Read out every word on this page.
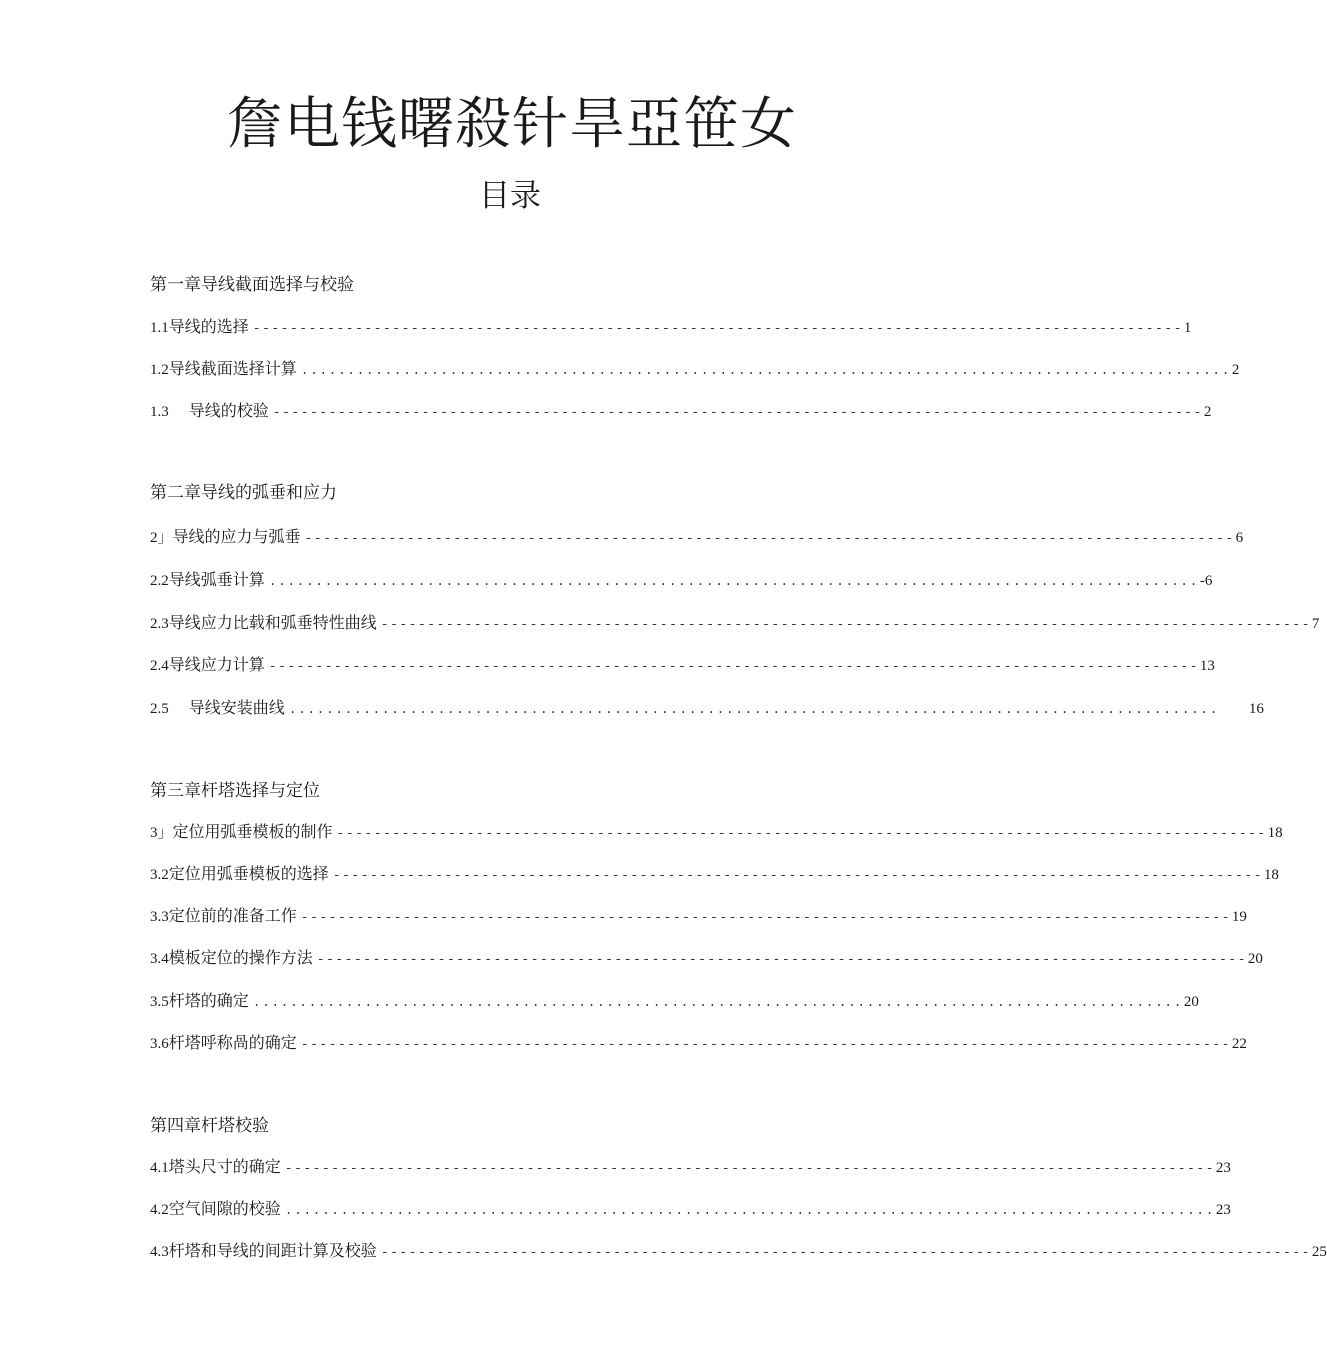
詹电钱曙殺针旱亞笹女
目录
第一章导线截面选择与校验
1.1 导线的选择 ---------------------------------------------------------------------------------------------------- 1
1.2 导线截面选择计算 .................................................................................................... 2
1.3 导线的校验 ---------------------------------------------------------------------------------------------------- 2
第二章导线的弧垂和应力
2」 导线的应力与弧垂 ---------------------------------------------------------------------------------------------------- 6
2.2 导线弧垂计算 .................................................................................................... -6
2.3 导线应力比载和弧垂特性曲线 ---------------------------------------------------------------------------------------------------- 7
2.4 导线应力计算 ---------------------------------------------------------------------------------------------------- 13
2.5 导线安装曲线 .................................................................................................... 16
第三章杆塔选择与定位
3」 定位用弧垂模板的制作 ---------------------------------------------------------------------------------------------------- 18
3.2 定位用弧垂模板的选择 ---------------------------------------------------------------------------------------------------- 18
3.3 定位前的准备工作 ---------------------------------------------------------------------------------------------------- 19
3.4 模板定位的操作方法 ---------------------------------------------------------------------------------------------------- 20
3.5 杆塔的确定 .................................................................................................... 20
3.6 杆塔呼称咼的确定 ---------------------------------------------------------------------------------------------------- 22
第四章杆塔校验
4.1 塔头尺寸的确定 ---------------------------------------------------------------------------------------------------- 23
4.2 空气间隙的校验 .................................................................................................... 23
4.3 杆塔和导线的间距计算及校验 ---------------------------------------------------------------------------------------------------- 25
